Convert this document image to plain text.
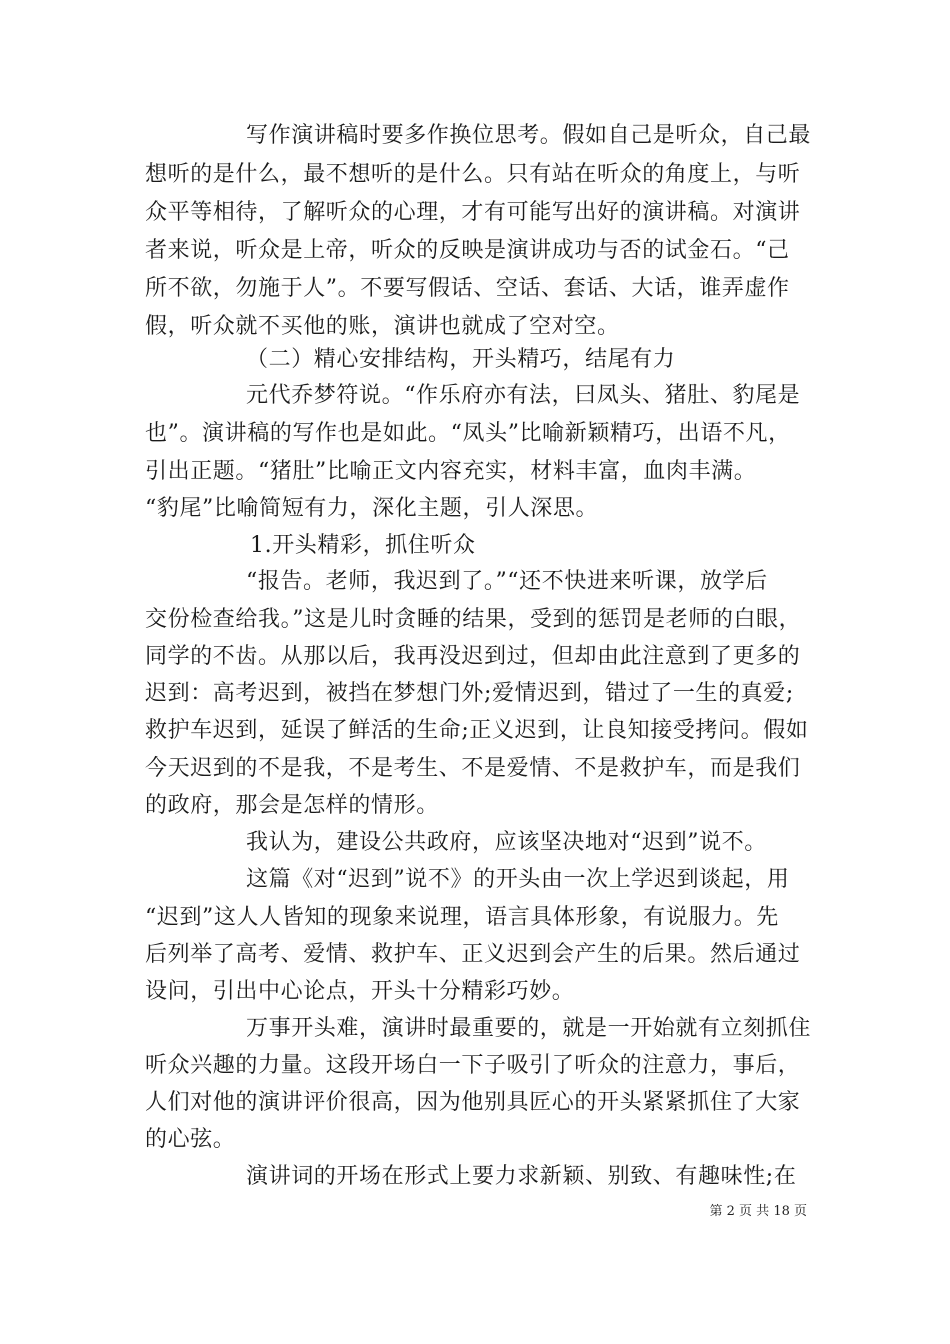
写作演讲稿时要多作换位思考。假如自己是听众，自己最
想听的是什么，最不想听的是什么。只有站在听众的角度上，与听
众平等相待，了解听众的心理，才有可能写出好的演讲稿。对演讲
者来说，听众是上帝，听众的反映是演讲成功与否的试金石。“己
所不欲，勿施于人”。不要写假话、空话、套话、大话，谁弄虚作
假，听众就不买他的账，演讲也就成了空对空。
（二）精心安排结构，开头精巧，结尾有力
元代乔梦符说。“作乐府亦有法，曰凤头、猪肚、豹尾是
也”。演讲稿的写作也是如此。“凤头”比喻新颖精巧，出语不凡，
引出正题。“猪肚”比喻正文内容充实，材料丰富，血肉丰满。
“豹尾”比喻简短有力，深化主题，引人深思。
1.开头精彩，抓住听众
“报告。老师，我迟到了。”“还不快进来听课，放学后
交份检查给我。”这是儿时贪睡的结果，受到的惩罚是老师的白眼，
同学的不齿。从那以后，我再没迟到过，但却由此注意到了更多的
迟到：高考迟到，被挡在梦想门外;爱情迟到，错过了一生的真爱;
救护车迟到，延误了鲜活的生命;正义迟到，让良知接受拷问。假如
今天迟到的不是我，不是考生、不是爱情、不是救护车，而是我们
的政府，那会是怎样的情形。
我认为，建设公共政府，应该坚决地对“迟到”说不。
这篇《对“迟到”说不》的开头由一次上学迟到谈起，用
“迟到”这人人皆知的现象来说理，语言具体形象，有说服力。先
后列举了高考、爱情、救护车、正义迟到会产生的后果。然后通过
设问，引出中心论点，开头十分精彩巧妙。
万事开头难，演讲时最重要的，就是一开始就有立刻抓住
听众兴趣的力量。这段开场白一下子吸引了听众的注意力，事后，
人们对他的演讲评价很高，因为他别具匠心的开头紧紧抓住了大家
的心弦。
演讲词的开场在形式上要力求新颖、别致、有趣味性;在
第 2 页 共 18 页
